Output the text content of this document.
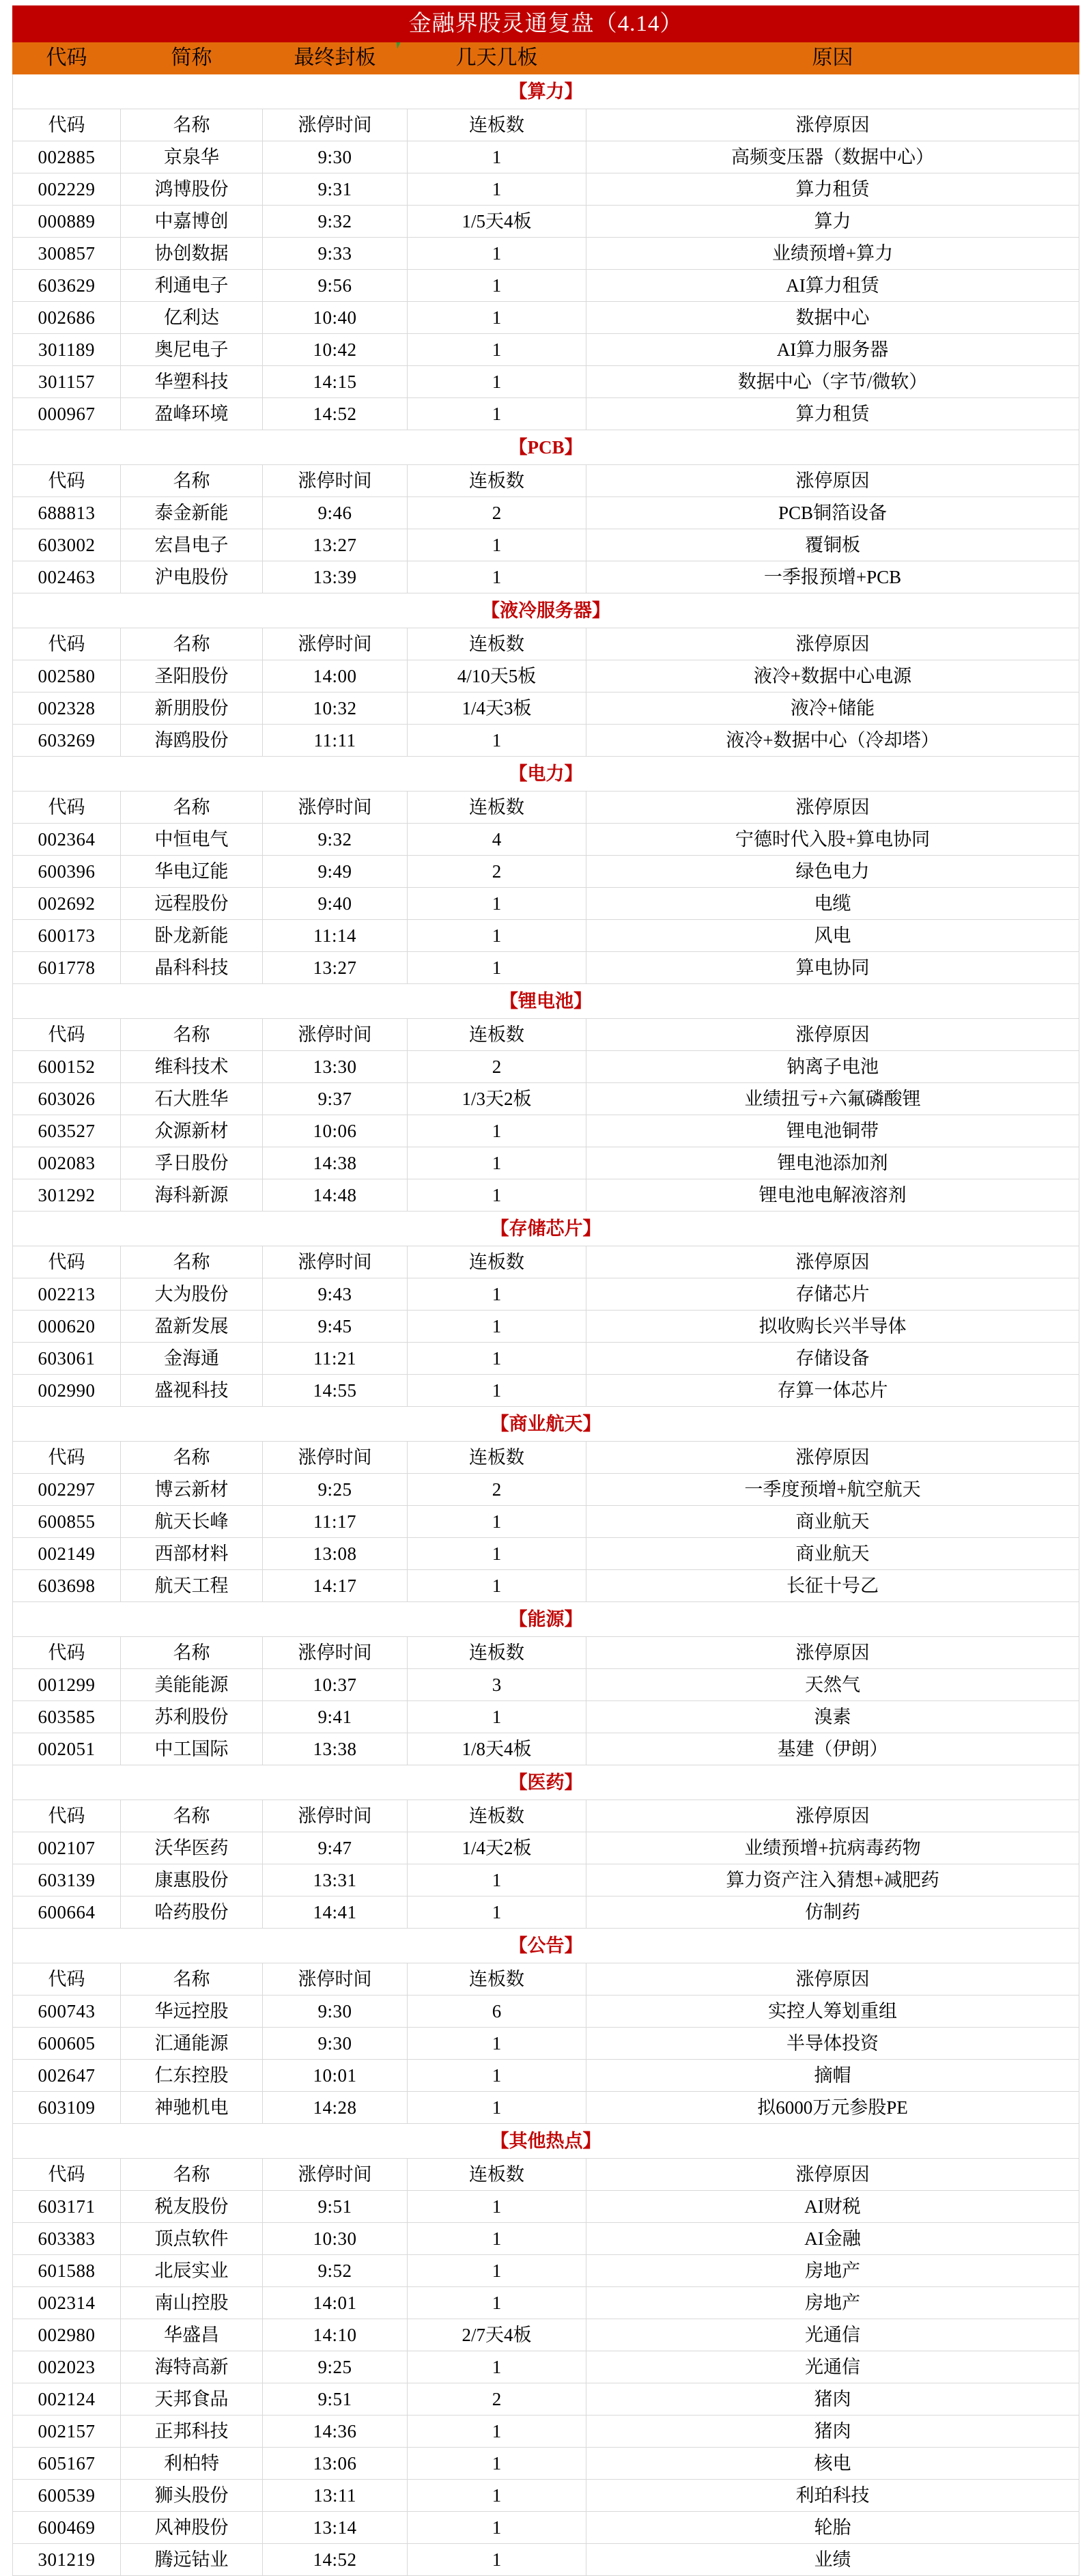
金融界股灵通复盘（4.14）				
代码	简称	最终封板	几天几板	原因
【算力】				
代码	名称	涨停时间	连板数	涨停原因
002885	京泉华	9:30	1	高频变压器（数据中心）
002229	鸿博股份	9:31	1	算力租赁
000889	中嘉博创	9:32	1/5天4板	算力
300857	协创数据	9:33	1	业绩预增+算力
603629	利通电子	9:56	1	AI算力租赁
002686	亿利达	10:40	1	数据中心
301189	奥尼电子	10:42	1	AI算力服务器
301157	华塑科技	14:15	1	数据中心（字节/微软）
000967	盈峰环境	14:52	1	算力租赁
【PCB】				
代码	名称	涨停时间	连板数	涨停原因
688813	泰金新能	9:46	2	PCB铜箔设备
603002	宏昌电子	13:27	1	覆铜板
002463	沪电股份	13:39	1	一季报预增+PCB
【液冷服务器】				
代码	名称	涨停时间	连板数	涨停原因
002580	圣阳股份	14:00	4/10天5板	液冷+数据中心电源
002328	新朋股份	10:32	1/4天3板	液冷+储能
603269	海鸥股份	11:11	1	液冷+数据中心（冷却塔）
【电力】				
代码	名称	涨停时间	连板数	涨停原因
002364	中恒电气	9:32	4	宁德时代入股+算电协同
600396	华电辽能	9:49	2	绿色电力
002692	远程股份	9:40	1	电缆
600173	卧龙新能	11:14	1	风电
601778	晶科科技	13:27	1	算电协同
【锂电池】				
代码	名称	涨停时间	连板数	涨停原因
600152	维科技术	13:30	2	钠离子电池
603026	石大胜华	9:37	1/3天2板	业绩扭亏+六氟磷酸锂
603527	众源新材	10:06	1	锂电池铜带
002083	孚日股份	14:38	1	锂电池添加剂
301292	海科新源	14:48	1	锂电池电解液溶剂
【存储芯片】				
代码	名称	涨停时间	连板数	涨停原因
002213	大为股份	9:43	1	存储芯片
000620	盈新发展	9:45	1	拟收购长兴半导体
603061	金海通	11:21	1	存储设备
002990	盛视科技	14:55	1	存算一体芯片
【商业航天】				
代码	名称	涨停时间	连板数	涨停原因
002297	博云新材	9:25	2	一季度预增+航空航天
600855	航天长峰	11:17	1	商业航天
002149	西部材料	13:08	1	商业航天
603698	航天工程	14:17	1	长征十号乙
【能源】				
代码	名称	涨停时间	连板数	涨停原因
001299	美能能源	10:37	3	天然气
603585	苏利股份	9:41	1	溴素
002051	中工国际	13:38	1/8天4板	基建（伊朗）
【医药】				
代码	名称	涨停时间	连板数	涨停原因
002107	沃华医药	9:47	1/4天2板	业绩预增+抗病毒药物
603139	康惠股份	13:31	1	算力资产注入猜想+减肥药
600664	哈药股份	14:41	1	仿制药
【公告】				
代码	名称	涨停时间	连板数	涨停原因
600743	华远控股	9:30	6	实控人筹划重组
600605	汇通能源	9:30	1	半导体投资
002647	仁东控股	10:01	1	摘帽
603109	神驰机电	14:28	1	拟6000万元参股PE
【其他热点】				
代码	名称	涨停时间	连板数	涨停原因
603171	税友股份	9:51	1	AI财税
603383	顶点软件	10:30	1	AI金融
601588	北辰实业	9:52	1	房地产
002314	南山控股	14:01	1	房地产
002980	华盛昌	14:10	2/7天4板	光通信
002023	海特高新	9:25	1	光通信
002124	天邦食品	9:51	2	猪肉
002157	正邦科技	14:36	1	猪肉
605167	利柏特	13:06	1	核电
600539	狮头股份	13:11	1	利珀科技
600469	风神股份	13:14	1	轮胎
301219	腾远钴业	14:52	1	业绩
